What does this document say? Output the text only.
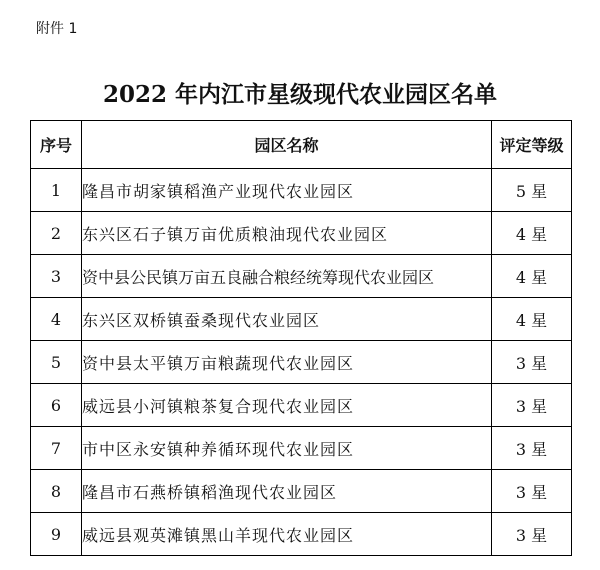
附件 1
2022 年内江市星级现代农业园区名单
序号	园区名称	评定等级
1	隆昌市胡家镇稻渔产业现代农业园区	5 星
2	东兴区石子镇万亩优质粮油现代农业园区	4 星
3	资中县公民镇万亩五良融合粮经统筹现代农业园区	4 星
4	东兴区双桥镇蚕桑现代农业园区	4 星
5	资中县太平镇万亩粮蔬现代农业园区	3 星
6	威远县小河镇粮茶复合现代农业园区	3 星
7	市中区永安镇种养循环现代农业园区	3 星
8	隆昌市石燕桥镇稻渔现代农业园区	3 星
9	威远县观英滩镇黑山羊现代农业园区	3 星
